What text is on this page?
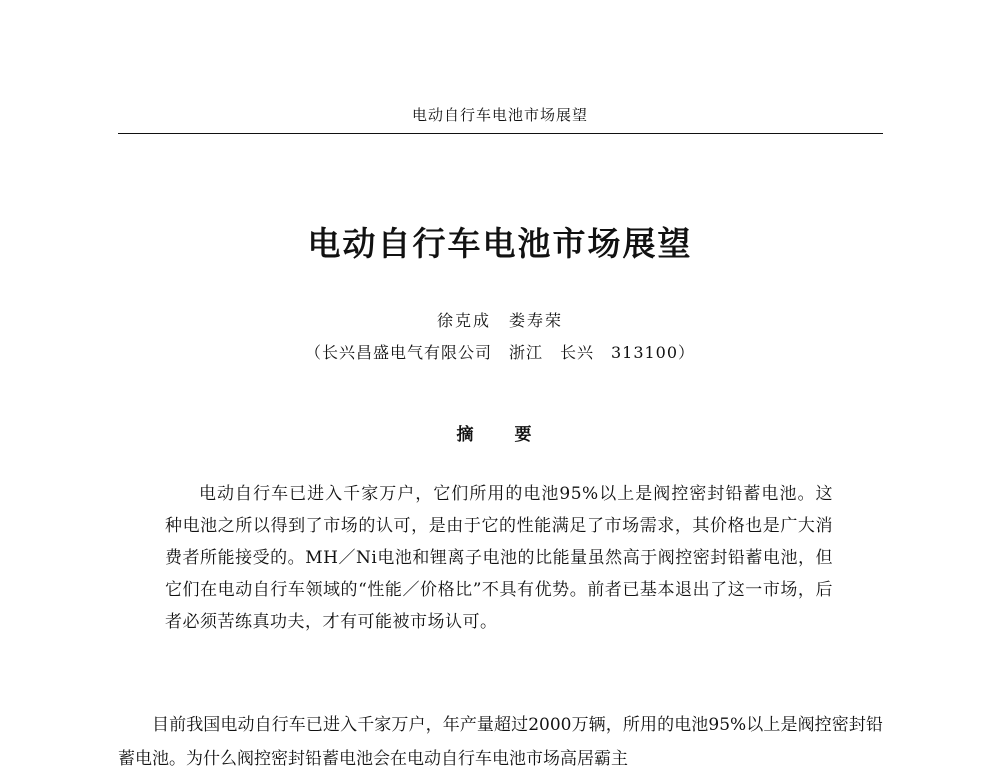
电动自行车电池市场展望
电动自行车电池市场展望
徐克成　娄寿荣
（长兴昌盛电气有限公司　浙江　长兴　313100）
摘　要
电动自行车已进入千家万户，它们所用的电池95%以上是阀控密封铅蓄电池。这种电池之所以得到了市场的认可，是由于它的性能满足了市场需求，其价格也是广大消费者所能接受的。MH／Ni电池和锂离子电池的比能量虽然高于阀控密封铅蓄电池，但它们在电动自行车领域的“性能／价格比”不具有优势。前者已基本退出了这一市场，后者必须苦练真功夫，才有可能被市场认可。
目前我国电动自行车已进入千家万户，年产量超过2000万辆，所用的电池95%以上是阀控密封铅蓄电池。为什么阀控密封铅蓄电池会在电动自行车电池市场高居霸主
